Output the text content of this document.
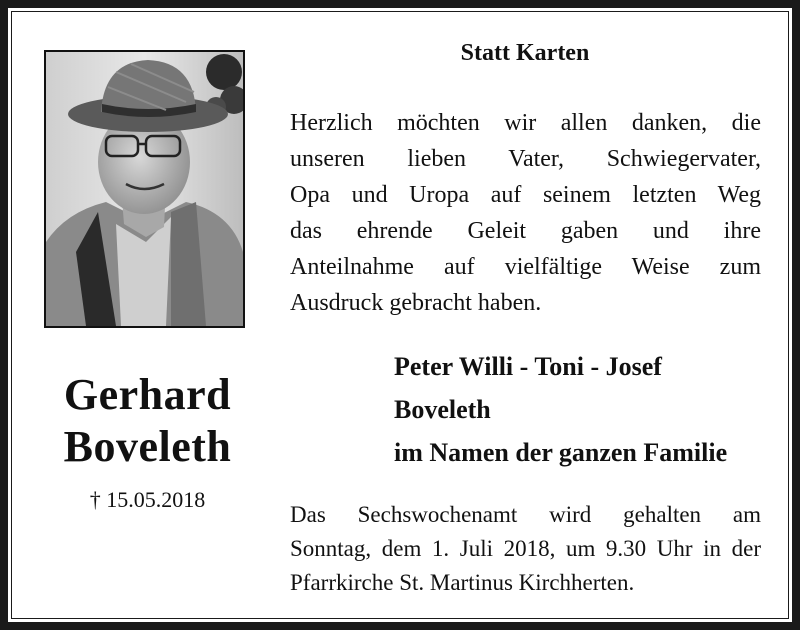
Gerhard
Boveleth
† 15.05.2018
Statt Karten
Herzlich möchten wir allen danken, die
unseren lieben Vater, Schwiegervater,
Opa und Uropa auf seinem letzten Weg
das ehrende Geleit gaben und ihre
Anteilnahme auf vielfältige Weise zum
Ausdruck gebracht haben.
Peter Willi - Toni - Josef
Boveleth
im Namen der ganzen Familie
Das Sechswochenamt wird gehalten am
Sonntag, dem 1. Juli 2018, um 9.30 Uhr in der
Pfarrkirche St. Martinus Kirchherten.
